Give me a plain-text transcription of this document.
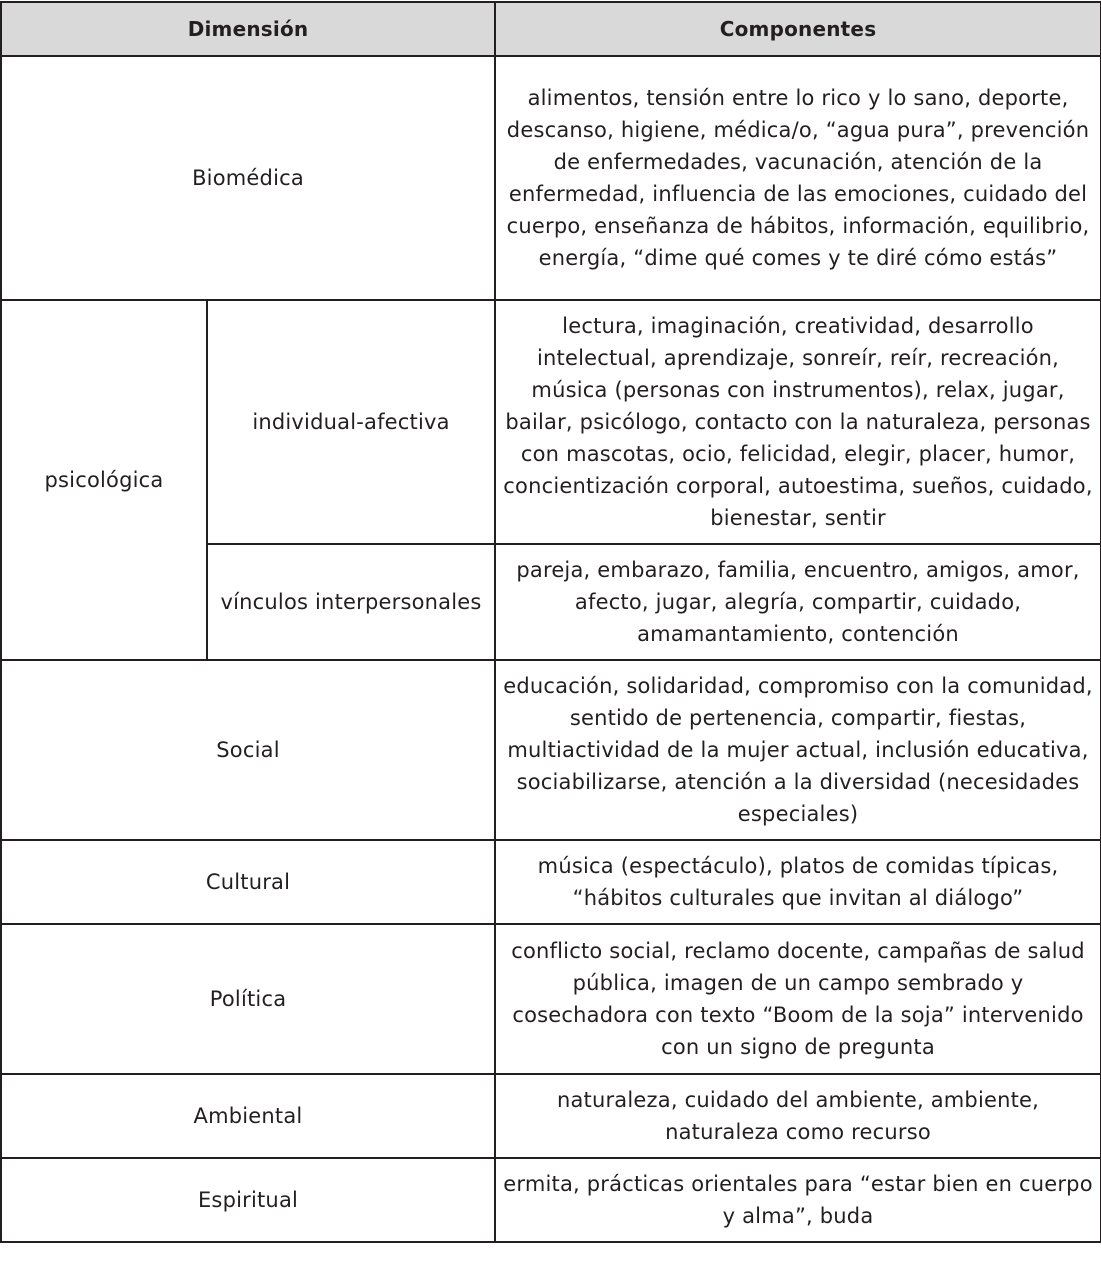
Dimensión		Componentes
Biomédica		alimentos, tensión entre lo rico y lo sano, deporte, descanso, higiene, médica/o, “agua pura”, prevención de enfermedades, vacunación, atención de la enfermedad, influencia de las emociones, cuidado del cuerpo, enseñanza de hábitos, información, equilibrio, energía, “dime qué comes y te diré cómo estás”
psicológica	individual-afectiva	lectura, imaginación, creatividad, desarrollo intelectual, aprendizaje, sonreír, reír, recreación, música (personas con instrumentos), relax, jugar, bailar, psicólogo, contacto con la naturaleza, personas con mascotas, ocio, felicidad, elegir, placer, humor, concientización corporal, autoestima, sueños, cuidado, bienestar, sentir
	vínculos interpersonales	pareja, embarazo, familia, encuentro, amigos, amor, afecto, jugar, alegría, compartir, cuidado, amamantamiento, contención
Social		educación, solidaridad, compromiso con la comunidad, sentido de pertenencia, compartir, fiestas, multiactividad de la mujer actual, inclusión educativa, sociabilizarse, atención a la diversidad (necesidades especiales)
Cultural		música (espectáculo), platos de comidas típicas, “hábitos culturales que invitan al diálogo”
Política		conflicto social, reclamo docente, campañas de salud pública, imagen de un campo sembrado y cosechadora con texto “Boom de la soja” intervenido con un signo de pregunta
Ambiental		naturaleza, cuidado del ambiente, ambiente, naturaleza como recurso
Espiritual		ermita, prácticas orientales para “estar bien en cuerpo y alma”, buda
